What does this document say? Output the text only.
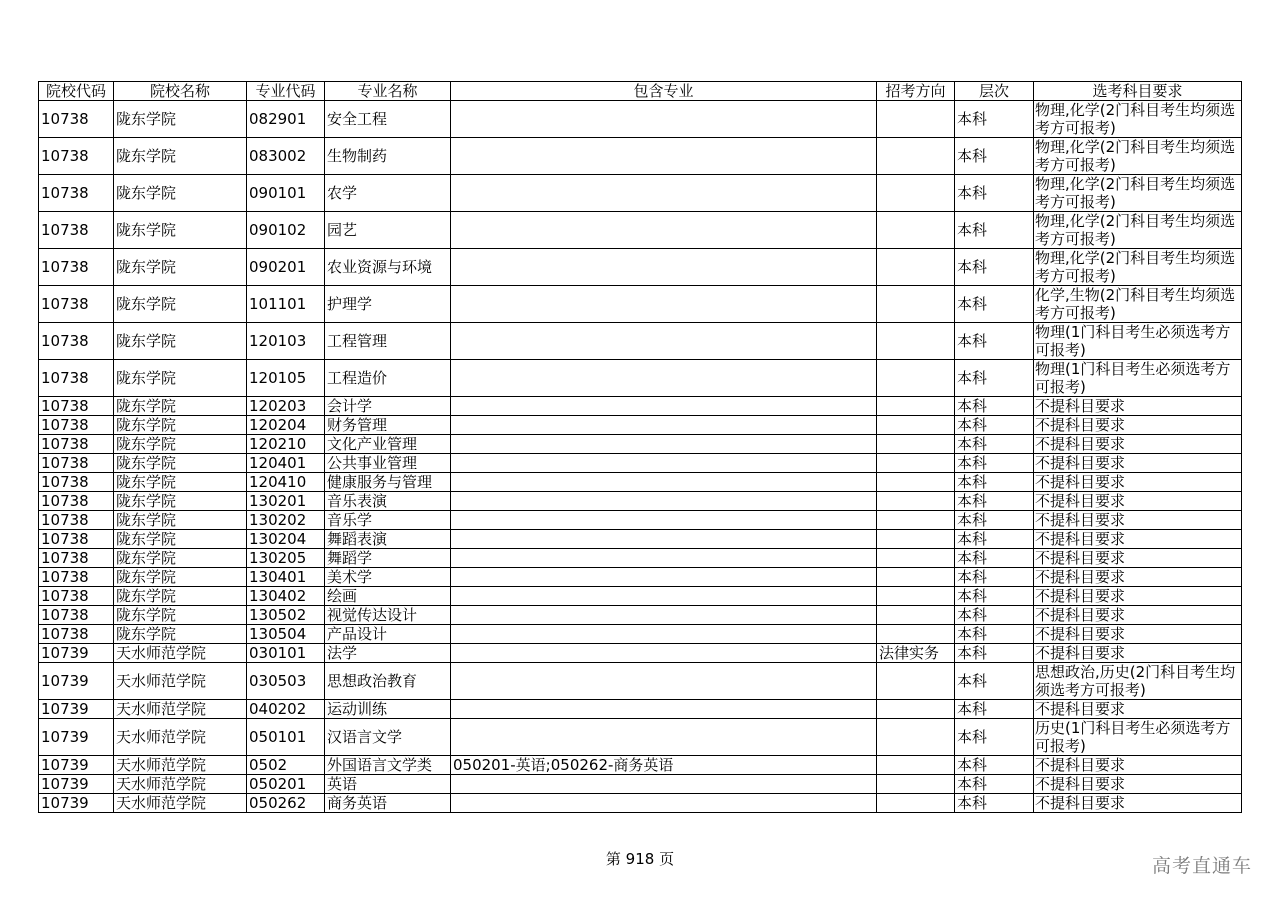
院校代码	院校名称	专业代码	专业名称	包含专业	招考方向	层次	选考科目要求
10738	陇东学院	082901	安全工程			本科	物理,化学(2门科目考生均须选考方可报考)
10738	陇东学院	083002	生物制药			本科	物理,化学(2门科目考生均须选考方可报考)
10738	陇东学院	090101	农学			本科	物理,化学(2门科目考生均须选考方可报考)
10738	陇东学院	090102	园艺			本科	物理,化学(2门科目考生均须选考方可报考)
10738	陇东学院	090201	农业资源与环境			本科	物理,化学(2门科目考生均须选考方可报考)
10738	陇东学院	101101	护理学			本科	化学,生物(2门科目考生均须选考方可报考)
10738	陇东学院	120103	工程管理			本科	物理(1门科目考生必须选考方可报考)
10738	陇东学院	120105	工程造价			本科	物理(1门科目考生必须选考方可报考)
10738	陇东学院	120203	会计学			本科	不提科目要求
10738	陇东学院	120204	财务管理			本科	不提科目要求
10738	陇东学院	120210	文化产业管理			本科	不提科目要求
10738	陇东学院	120401	公共事业管理			本科	不提科目要求
10738	陇东学院	120410	健康服务与管理			本科	不提科目要求
10738	陇东学院	130201	音乐表演			本科	不提科目要求
10738	陇东学院	130202	音乐学			本科	不提科目要求
10738	陇东学院	130204	舞蹈表演			本科	不提科目要求
10738	陇东学院	130205	舞蹈学			本科	不提科目要求
10738	陇东学院	130401	美术学			本科	不提科目要求
10738	陇东学院	130402	绘画			本科	不提科目要求
10738	陇东学院	130502	视觉传达设计			本科	不提科目要求
10738	陇东学院	130504	产品设计			本科	不提科目要求
10739	天水师范学院	030101	法学		法律实务	本科	不提科目要求
10739	天水师范学院	030503	思想政治教育			本科	思想政治,历史(2门科目考生均须选考方可报考)
10739	天水师范学院	040202	运动训练			本科	不提科目要求
10739	天水师范学院	050101	汉语言文学			本科	历史(1门科目考生必须选考方可报考)
10739	天水师范学院	0502	外国语言文学类	050201-英语;050262-商务英语		本科	不提科目要求
10739	天水师范学院	050201	英语			本科	不提科目要求
10739	天水师范学院	050262	商务英语			本科	不提科目要求
第 918 页	高考直通车
